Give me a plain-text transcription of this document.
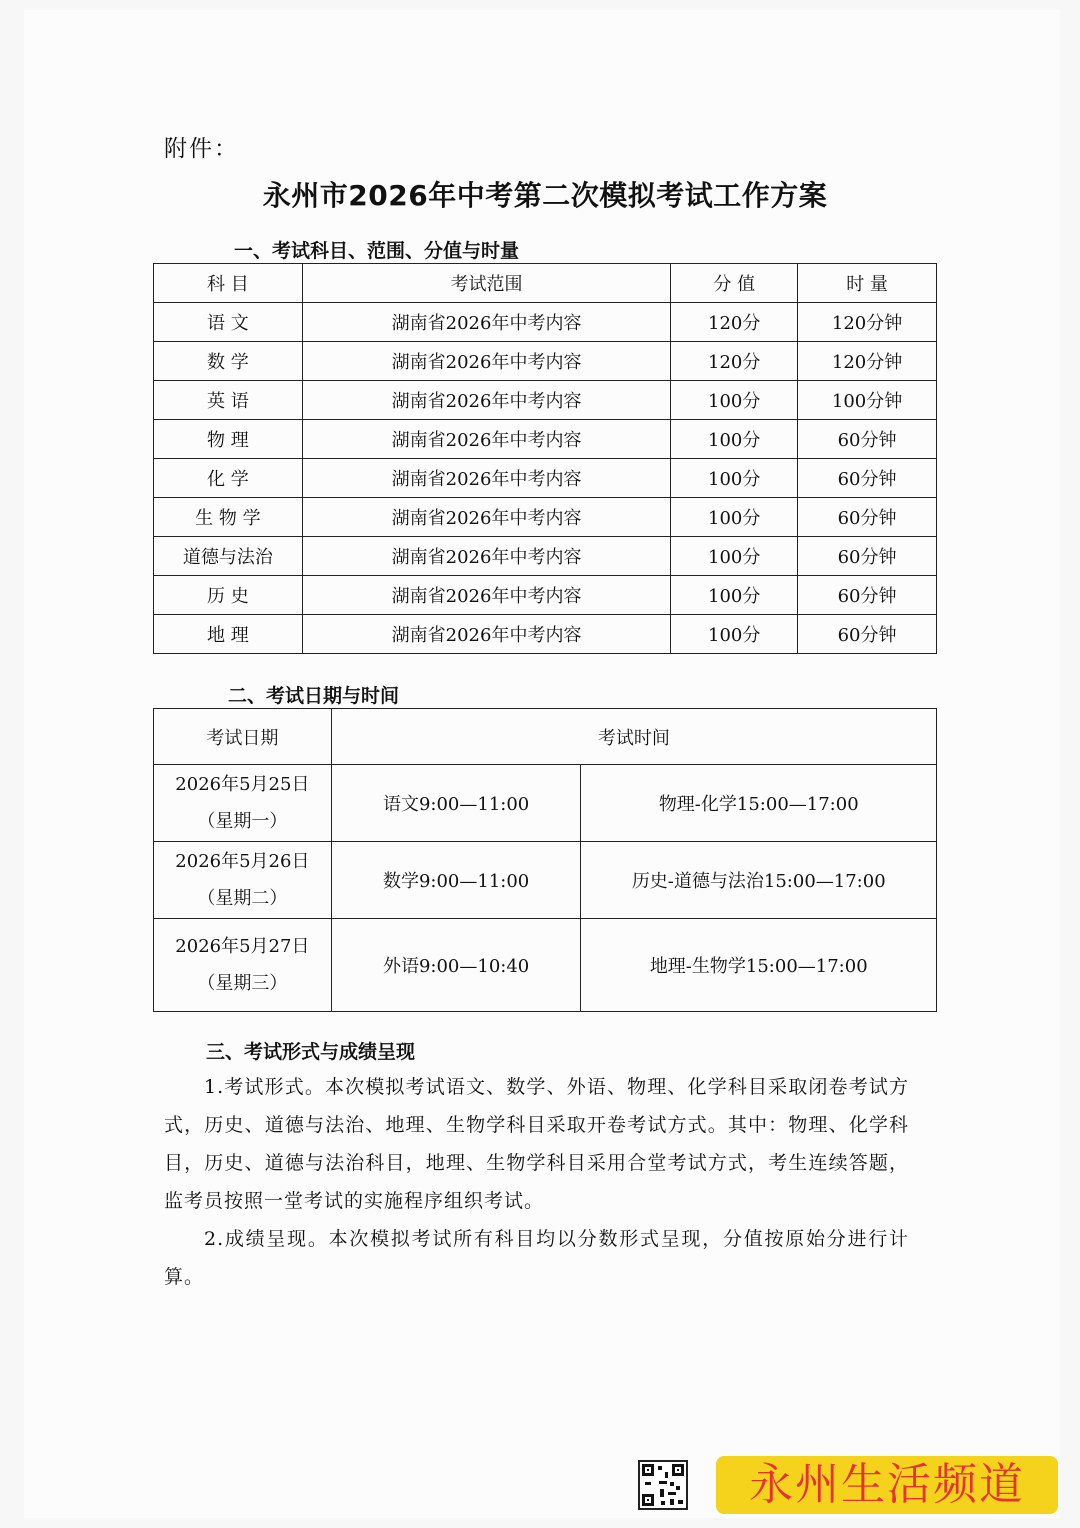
附件：
永州市2026年中考第二次模拟考试工作方案
一、考试科目、范围、分值与时量
科 目	考试范围	分 值	时 量
语 文	湖南省2026年中考内容	120分	120分钟
数 学	湖南省2026年中考内容	120分	120分钟
英 语	湖南省2026年中考内容	100分	100分钟
物 理	湖南省2026年中考内容	100分	60分钟
化 学	湖南省2026年中考内容	100分	60分钟
生 物 学	湖南省2026年中考内容	100分	60分钟
道德与法治	湖南省2026年中考内容	100分	60分钟
历 史	湖南省2026年中考内容	100分	60分钟
地 理	湖南省2026年中考内容	100分	60分钟
二、考试日期与时间
考试日期	考试时间	

2026年5月25日
（星期一）	语文9:00—11:00	物理-化学15:00—17:00

2026年5月26日
（星期二）	数学9:00—11:00	历史-道德与法治15:00—17:00

2026年5月27日
（星期三）	外语9:00—10:40	地理-生物学15:00—17:00
三、考试形式与成绩呈现
1.考试形式。本次模拟考试语文、数学、外语、物理、化学科目采取闭卷考试方式，历史、道德与法治、地理、生物学科目采取开卷考试方式。其中：物理、化学科目，历史、道德与法治科目，地理、生物学科目采用合堂考试方式，考生连续答题，监考员按照一堂考试的实施程序组织考试。
2.成绩呈现。本次模拟考试所有科目均以分数形式呈现，分值按原始分进行计算。
永州生活频道
